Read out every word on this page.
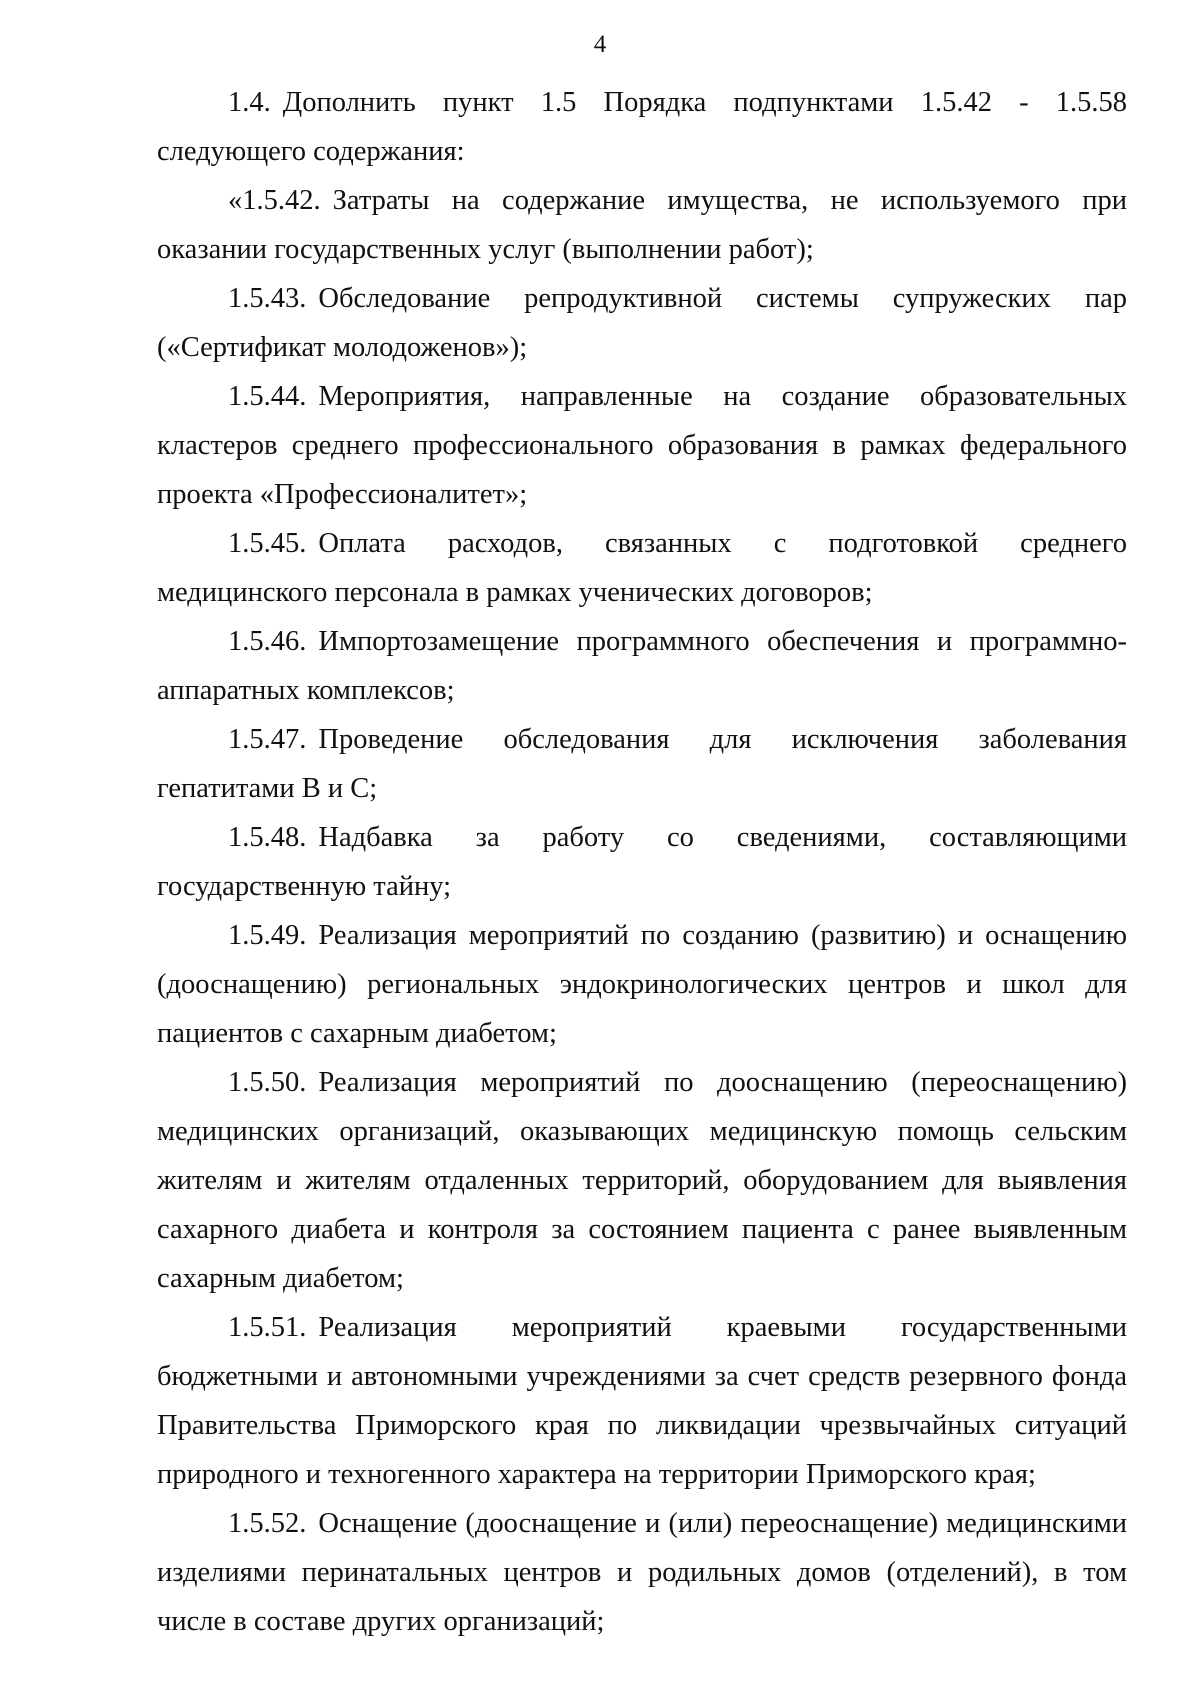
4

1.4. Дополнить пункт 1.5 Порядка подпунктами 1.5.42 - 1.5.58 следующего содержания:

«1.5.42. Затраты на содержание имущества, не используемого при оказании государственных услуг (выполнении работ);

1.5.43. Обследование репродуктивной системы супружеских пар («Сертификат молодоженов»);

1.5.44. Мероприятия, направленные на создание образовательных кластеров среднего профессионального образования в рамках федерального проекта «Профессионалитет»;

1.5.45. Оплата расходов, связанных с подготовкой среднего медицинского персонала в рамках ученических договоров;

1.5.46. Импортозамещение программного обеспечения и программно-аппаратных комплексов;

1.5.47. Проведение обследования для исключения заболевания гепатитами В и С;

1.5.48. Надбавка за работу со сведениями, составляющими государственную тайну;

1.5.49. Реализация мероприятий по созданию (развитию) и оснащению (дооснащению) региональных эндокринологических центров и школ для пациентов с сахарным диабетом;

1.5.50. Реализация мероприятий по дооснащению (переоснащению) медицинских организаций, оказывающих медицинскую помощь сельским жителям и жителям отдаленных территорий, оборудованием для выявления сахарного диабета и контроля за состоянием пациента с ранее выявленным сахарным диабетом;

1.5.51. Реализация мероприятий краевыми государственными бюджетными и автономными учреждениями за счет средств резервного фонда Правительства Приморского края по ликвидации чрезвычайных ситуаций природного и техногенного характера на территории Приморского края;

1.5.52. Оснащение (дооснащение и (или) переоснащение) медицинскими изделиями перинатальных центров и родильных домов (отделений), в том числе в составе других организаций;
